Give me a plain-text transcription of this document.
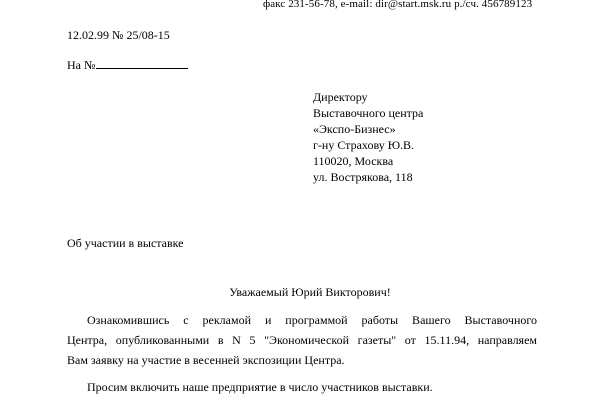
факс 231-56-78, e-mail: dir@start.msk.ru р./сч. 456789123
12.02.99 № 25/08-15
На №
Директору
Выставочного центра
«Экспо-Бизнес»
г-ну Страхову Ю.В.
110020, Москва
ул. Вострякова, 118
Об участии в выставке
Уважаемый Юрий Викторович!
Ознакомившись с рекламой и программой работы Вашего Выставочного
Центра, опубликованными в N 5 "Экономической газеты" от 15.11.94, направляем
Вам заявку на участие в весенней экспозиции Центра.
Просим включить наше предприятие в число участников выставки.
